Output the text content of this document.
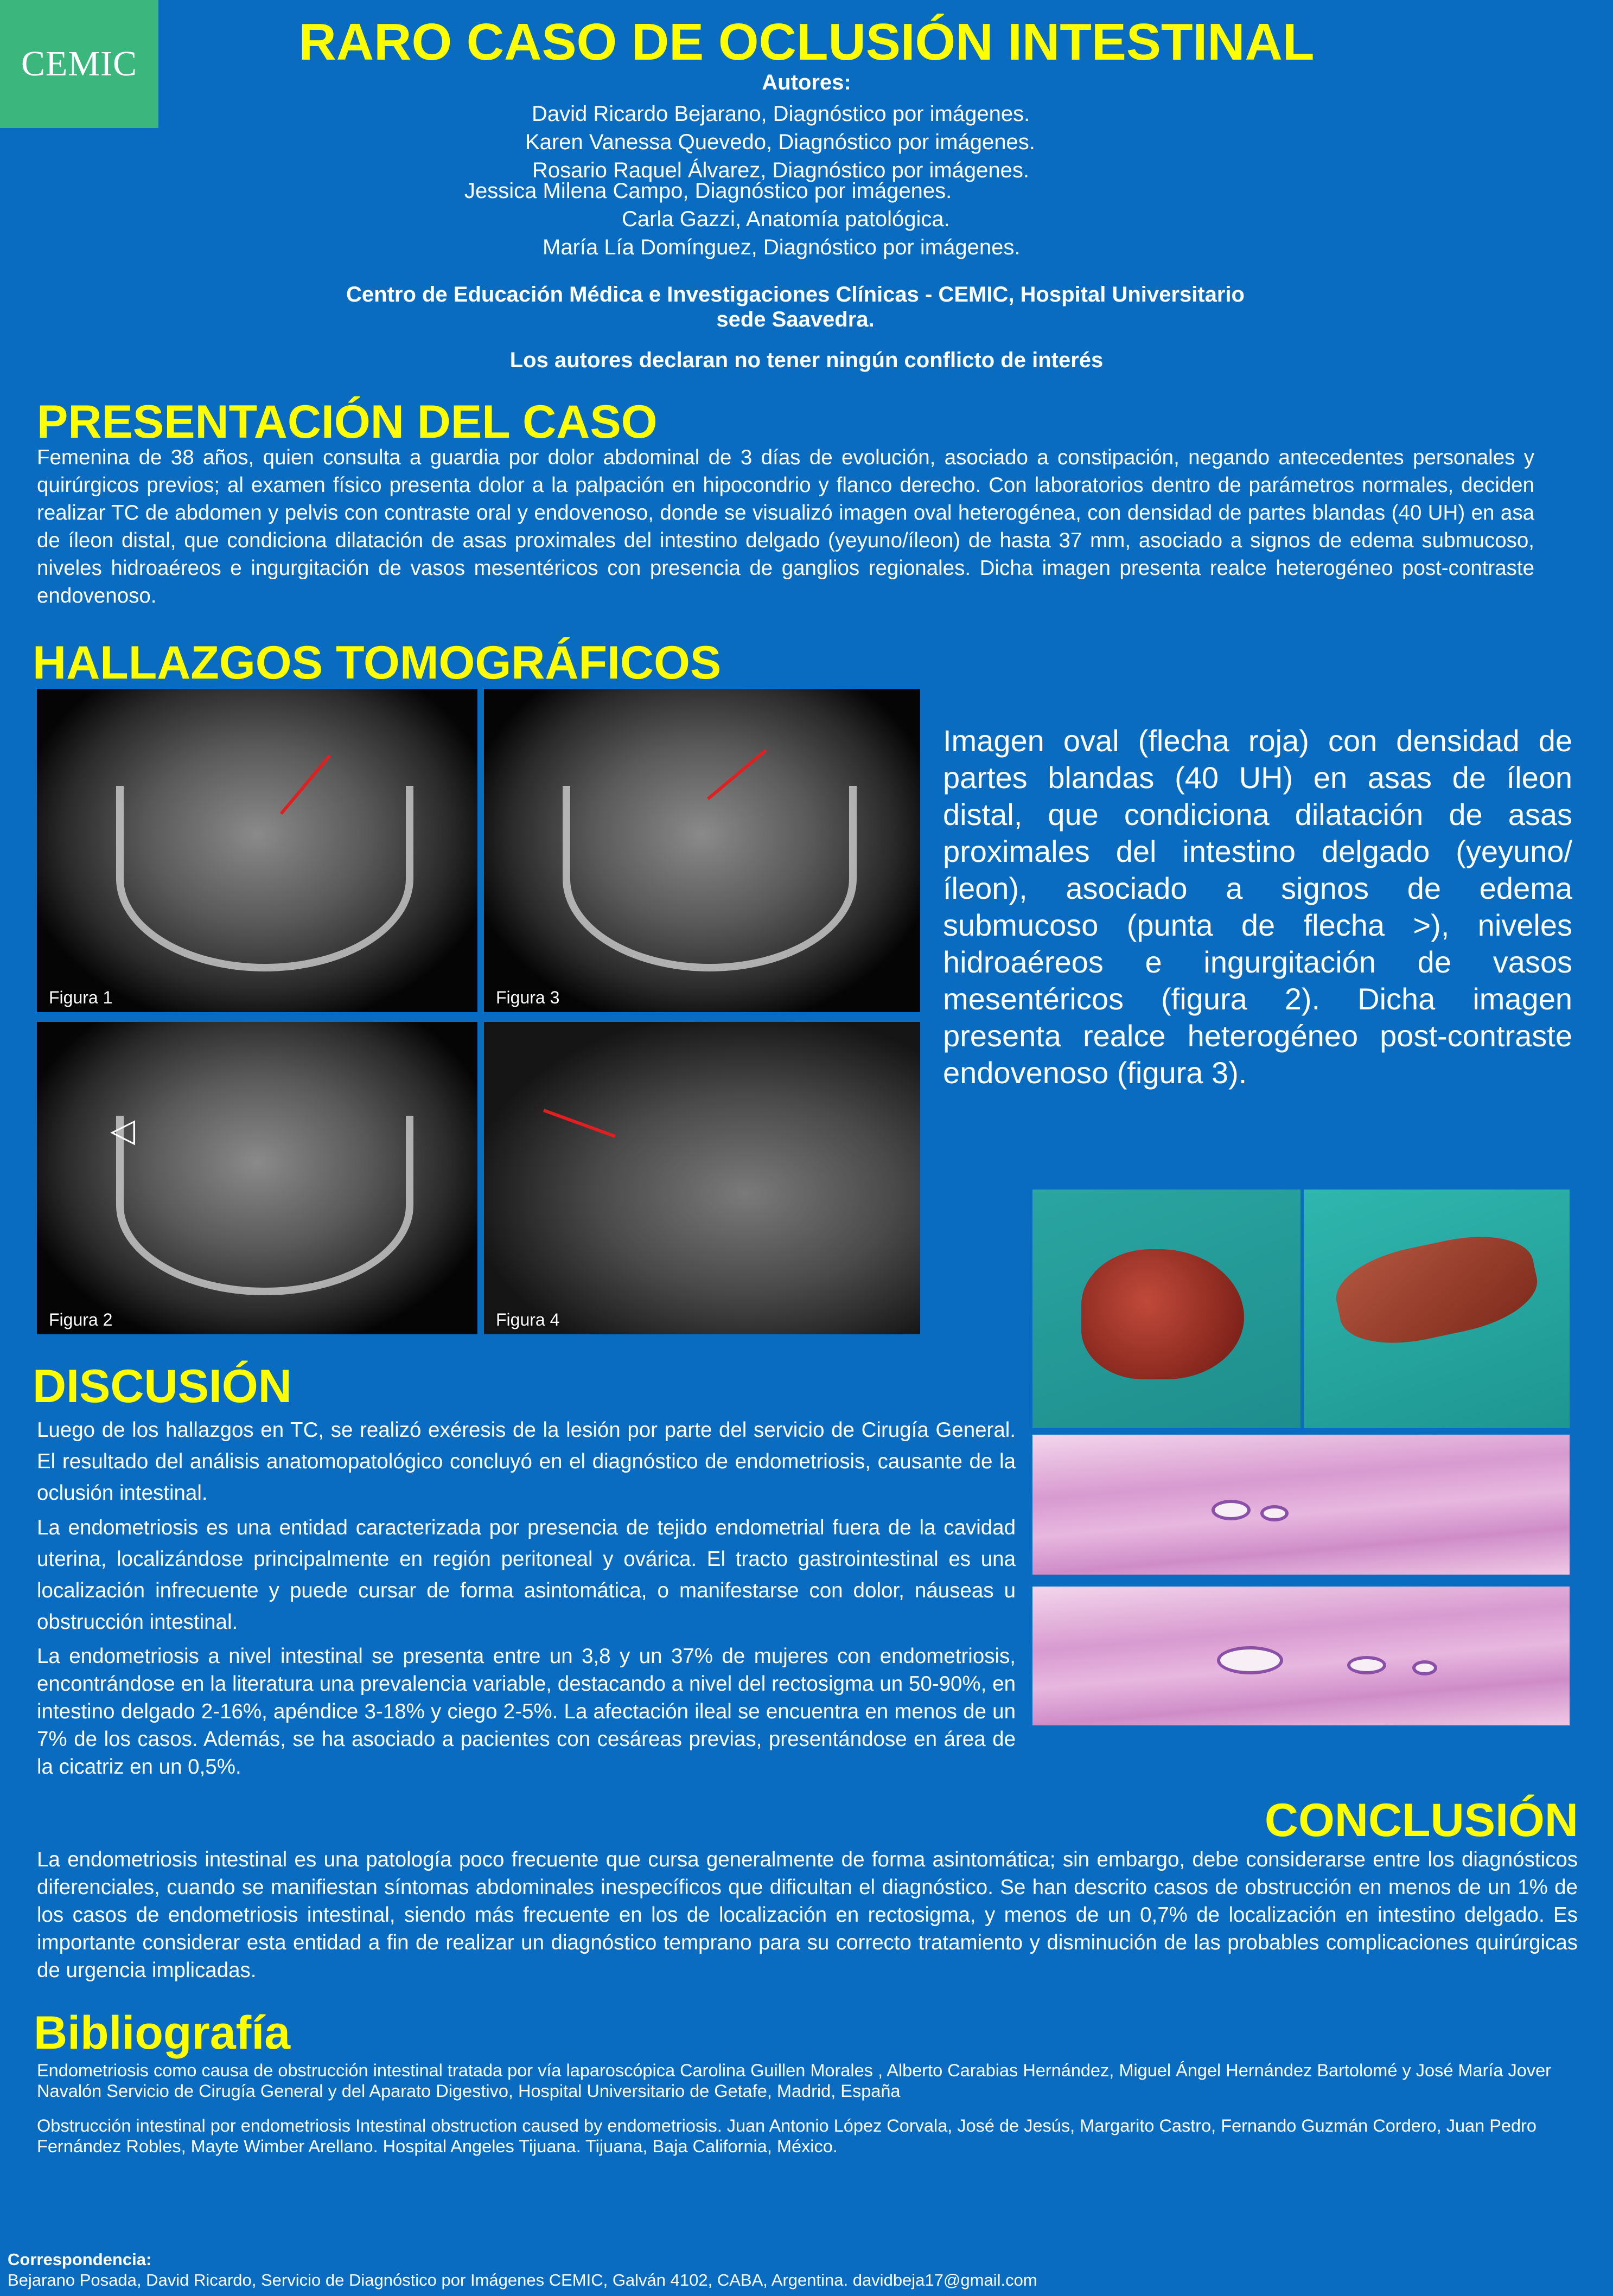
CEMIC	RARO CASO DE OCLUSIÓN INTESTINAL
Autores:
David Ricardo Bejarano, Diagnóstico por imágenes.
Karen Vanessa Quevedo, Diagnóstico por imágenes.
Rosario Raquel Álvarez, Diagnóstico por imágenes.
Jessica Milena Campo, Diagnóstico por imágenes.
Carla Gazzi, Anatomía patológica.
María Lía Domínguez, Diagnóstico por imágenes.
Centro de Educación Médica e Investigaciones Clínicas - CEMIC, Hospital Universitario sede Saavedra.
Los autores declaran no tener ningún conflicto de interés
PRESENTACIÓN DEL CASO
Femenina de 38 años, quien consulta a guardia por dolor abdominal de 3 días de evolución, asociado a constipación, negando antecedentes personales y quirúrgicos previos; al examen físico presenta dolor a la palpación en hipocondrio y flanco derecho. Con laboratorios dentro de parámetros normales, deciden realizar TC de abdomen y pelvis con contraste oral y endovenoso, donde se visualizó imagen oval heterogénea, con densidad de partes blandas (40 UH) en asa de íleon distal, que condiciona dilatación de asas proximales del intestino delgado (yeyuno/íleon) de hasta 37 mm, asociado a signos de edema submucoso, niveles hidroaéreos e ingurgitación de vasos mesentéricos con presencia de ganglios regionales. Dicha imagen presenta realce heterogéneo post-contraste endovenoso.
HALLAZGOS TOMOGRÁFICOS
Figura 1	Figura 3
◁
Figura 2	Figura 4
Imagen oval (flecha roja) con densidad de partes blandas (40 UH) en asas de íleon distal, que condiciona dilatación de asas proximales del intestino delgado (yeyuno/íleon), asociado a signos de edema submucoso (punta de flecha >), niveles hidroaéreos e ingurgitación de vasos mesentéricos (figura 2). Dicha imagen presenta realce heterogéneo post-contraste endovenoso (figura 3).
DISCUSIÓN
Luego de los hallazgos en TC, se realizó exéresis de la lesión por parte del servicio de Cirugía General. El resultado del análisis anatomopatológico concluyó en el diagnóstico de endometriosis, causante de la oclusión intestinal.
La endometriosis es una entidad caracterizada por presencia de tejido endometrial fuera de la cavidad uterina, localizándose principalmente en región peritoneal y ovárica. El tracto gastrointestinal es una localización infrecuente y puede cursar de forma asintomática, o manifestarse con dolor, náuseas u obstrucción intestinal.
La endometriosis a nivel intestinal se presenta entre un 3,8 y un 37% de mujeres con endometriosis, encontrándose en la literatura una prevalencia variable, destacando a nivel del rectosigma un 50-90%, en intestino delgado 2-16%, apéndice 3-18% y ciego 2-5%. La afectación ileal se encuentra en menos de un 7% de los casos. Además, se ha asociado a pacientes con cesáreas previas, presentándose en área de la cicatriz en un 0,5%.
CONCLUSIÓN
La endometriosis intestinal es una patología poco frecuente que cursa generalmente de forma asintomática; sin embargo, debe considerarse entre los diagnósticos diferenciales, cuando se manifiestan síntomas abdominales inespecíficos que dificultan el diagnóstico. Se han descrito casos de obstrucción en menos de un 1% de los casos de endometriosis intestinal, siendo más frecuente en los de localización en rectosigma, y menos de un 0,7% de localización en intestino delgado. Es importante considerar esta entidad a fin de realizar un diagnóstico temprano para su correcto tratamiento y disminución de las probables complicaciones quirúrgicas de urgencia implicadas.
Bibliografía
Endometriosis como causa de obstrucción intestinal tratada por vía laparoscópica Carolina Guillen Morales , Alberto Carabias Hernández, Miguel Ángel Hernández Bartolomé y José María Jover Navalón Servicio de Cirugía General y del Aparato Digestivo, Hospital Universitario de Getafe, Madrid, España
Obstrucción intestinal por endometriosis Intestinal obstruction caused by endometriosis. Juan Antonio López Corvala, José de Jesús, Margarito Castro, Fernando Guzmán Cordero, Juan Pedro Fernández Robles, Mayte Wimber Arellano. Hospital Angeles Tijuana. Tijuana, Baja California, México.
Correspondencia:
Bejarano Posada, David Ricardo, Servicio de Diagnóstico por Imágenes CEMIC, Galván 4102, CABA, Argentina. davidbeja17@gmail.com
